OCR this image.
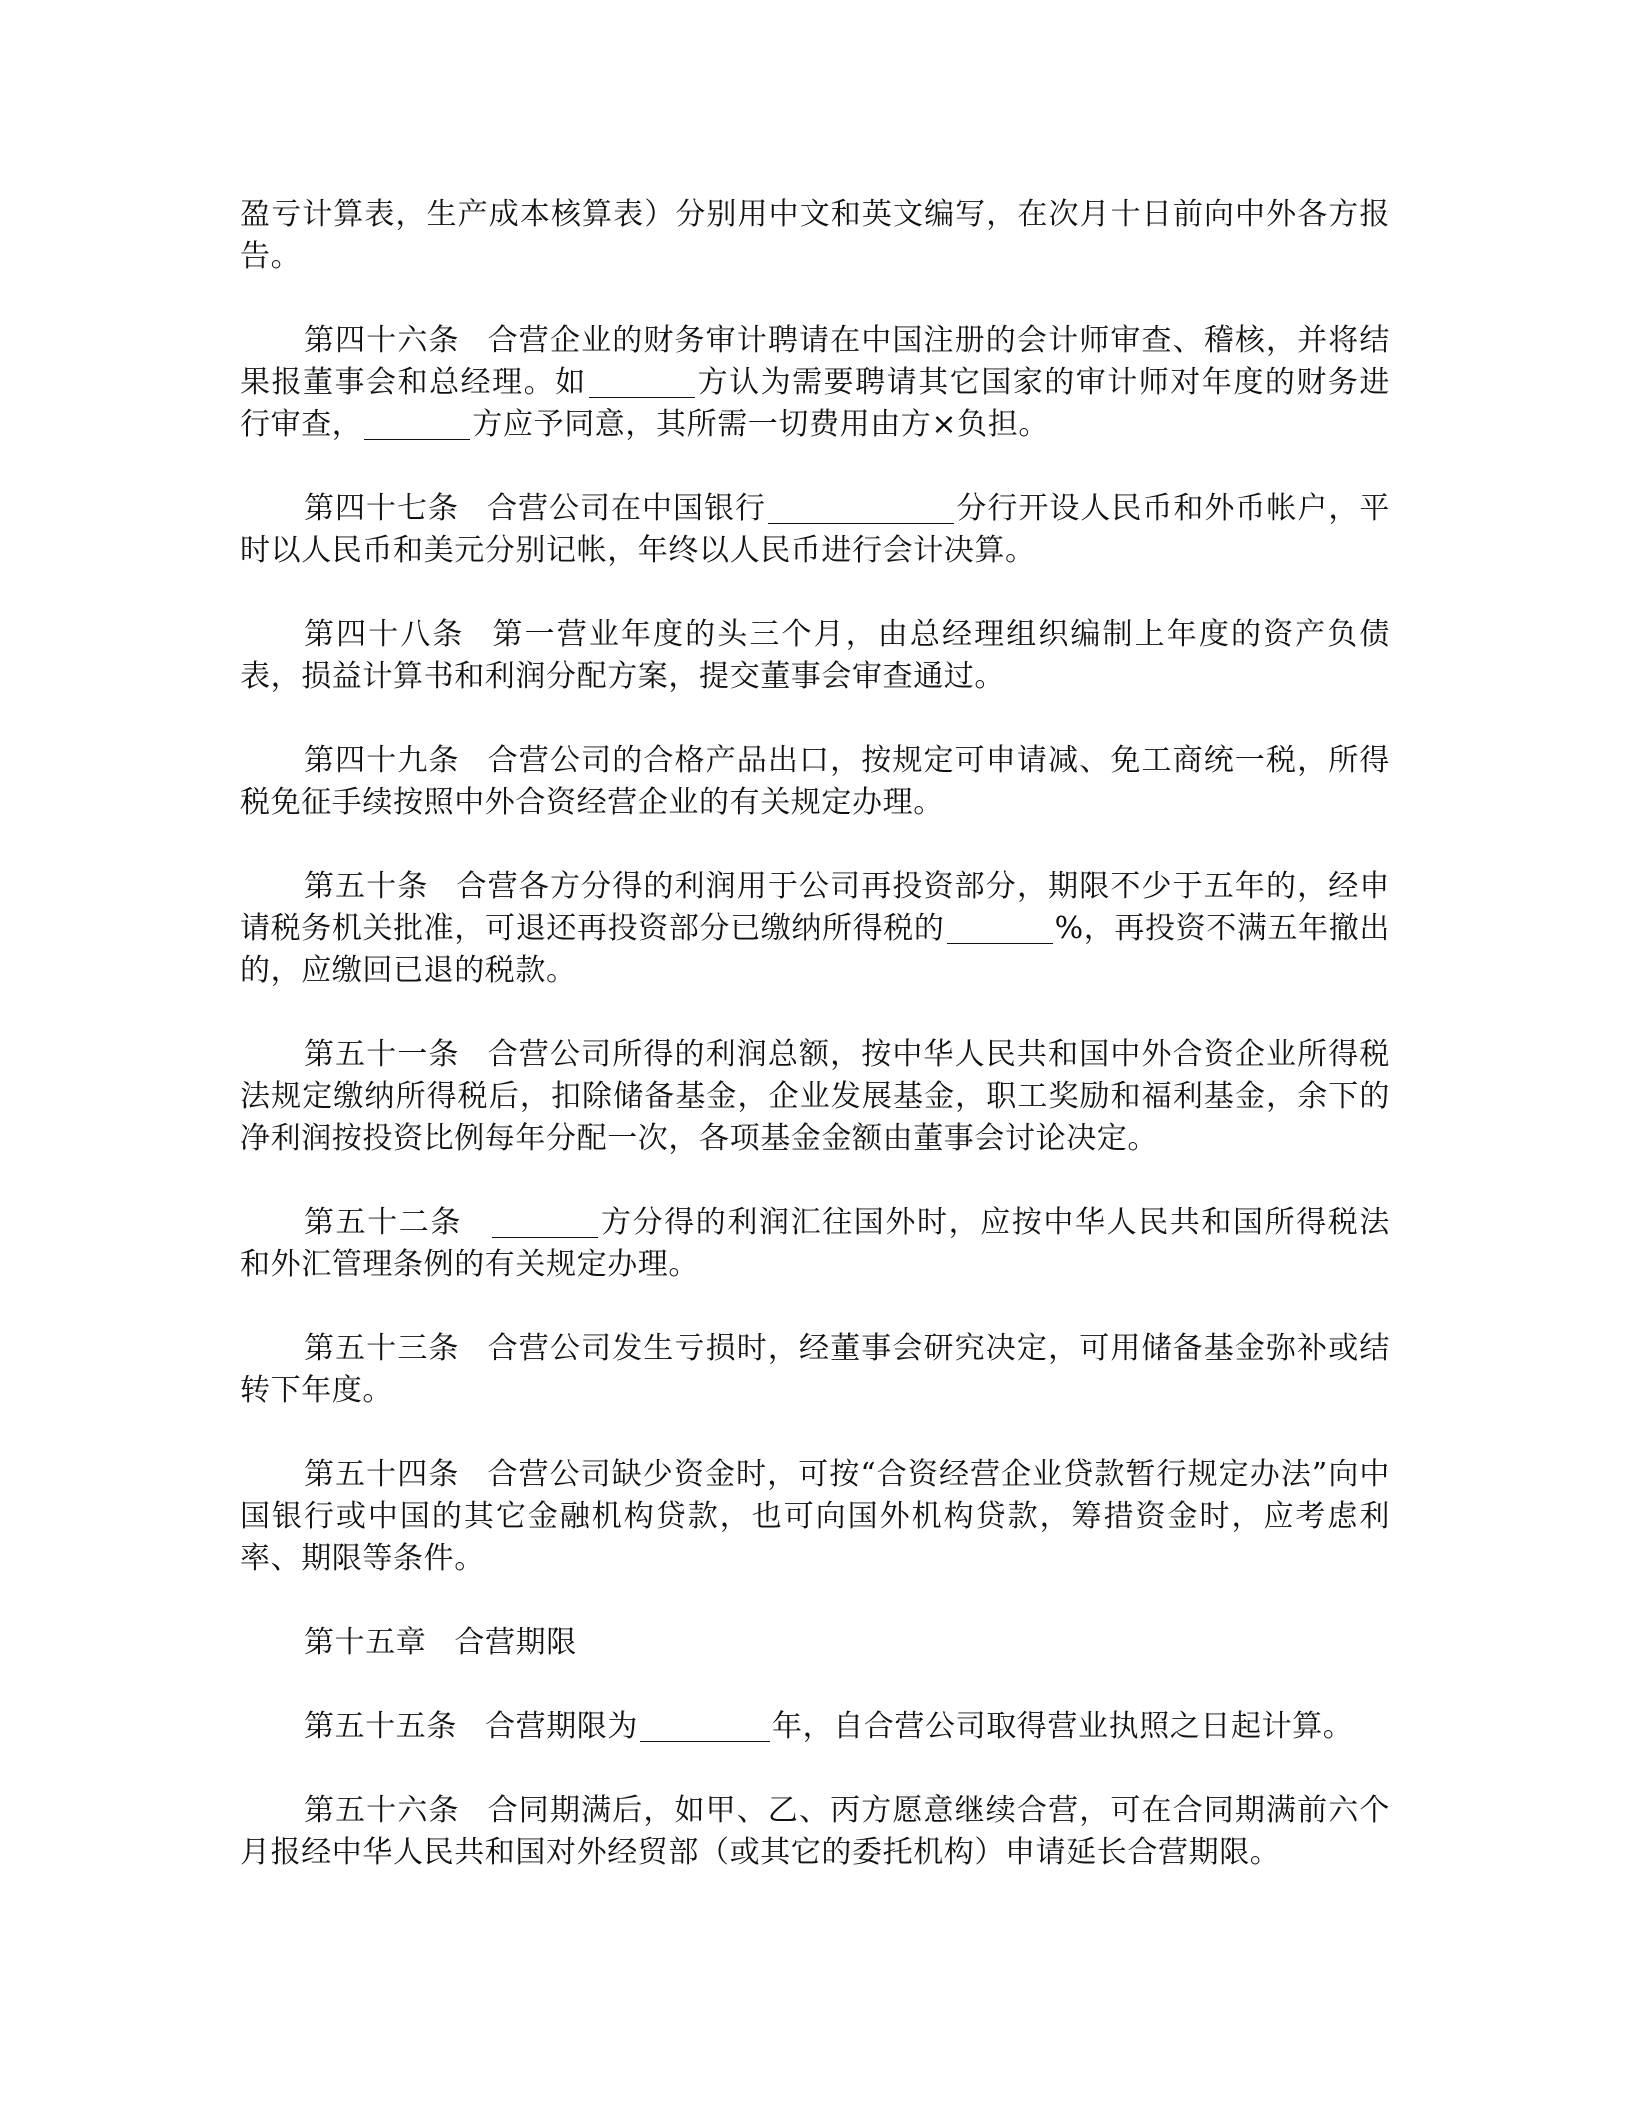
盈亏计算表，生产成本核算表）分别用中文和英文编写，在次月十日前向中外各方报告。

第四十六条 合营企业的财务审计聘请在中国注册的会计师审查、稽核，并将结果报董事会和总经理。如	方认为需要聘请其它国家的审计师对年度的财务进行审查，	方应予同意，其所需一切费用由方×负担。

第四十七条 合营公司在中国银行	分行开设人民币和外币帐户，平时以人民币和美元分别记帐，年终以人民币进行会计决算。

第四十八条 第一营业年度的头三个月，由总经理组织编制上年度的资产负债表，损益计算书和利润分配方案，提交董事会审查通过。

第四十九条 合营公司的合格产品出口，按规定可申请减、免工商统一税，所得税免征手续按照中外合资经营企业的有关规定办理。

第五十条 合营各方分得的利润用于公司再投资部分，期限不少于五年的，经申请税务机关批准，可退还再投资部分已缴纳所得税的	%，再投资不满五年撤出的，应缴回已退的税款。

第五十一条 合营公司所得的利润总额，按中华人民共和国中外合资企业所得税法规定缴纳所得税后，扣除储备基金，企业发展基金，职工奖励和福利基金，余下的净利润按投资比例每年分配一次，各项基金金额由董事会讨论决定。

第五十二条	方分得的利润汇往国外时，应按中华人民共和国所得税法和外汇管理条例的有关规定办理。

第五十三条 合营公司发生亏损时，经董事会研究决定，可用储备基金弥补或结转下年度。

第五十四条 合营公司缺少资金时，可按“合资经营企业贷款暂行规定办法”向中国银行或中国的其它金融机构贷款，也可向国外机构贷款，筹措资金时，应考虑利率、期限等条件。

第十五章 合营期限

第五十五条 合营期限为	年，自合营公司取得营业执照之日起计算。

第五十六条 合同期满后，如甲、乙、丙方愿意继续合营，可在合同期满前六个月报经中华人民共和国对外经贸部（或其它的委托机构）申请延长合营期限。
